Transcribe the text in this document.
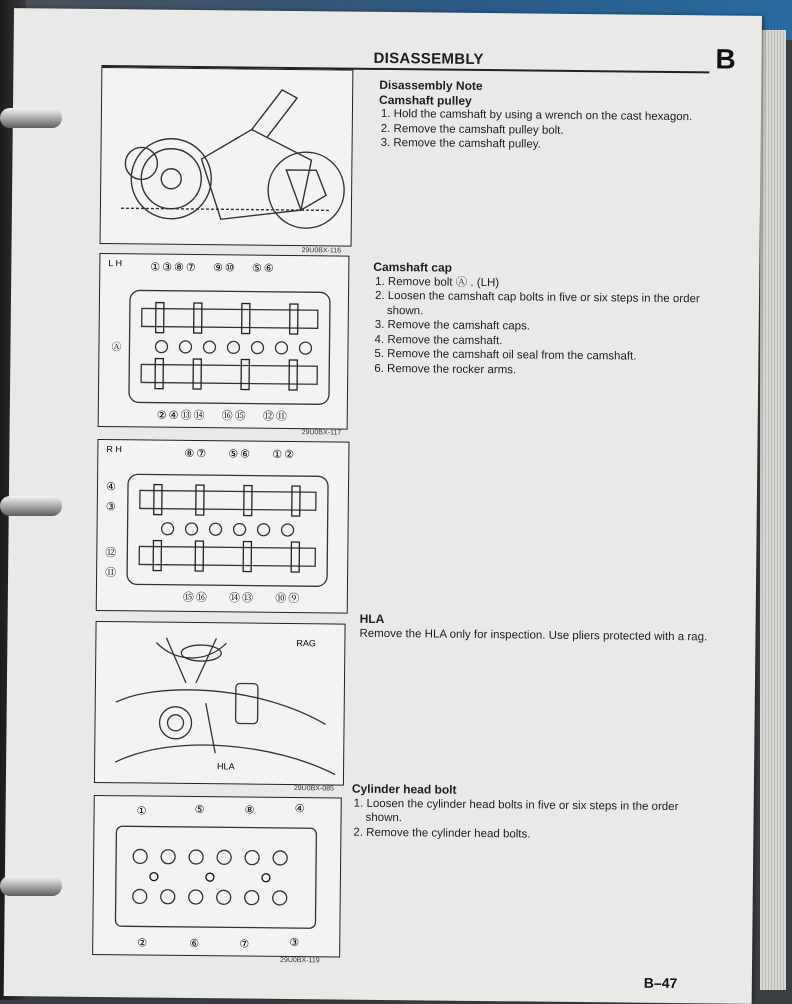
DISASSEMBLY	B
29U0BX-116
L H
Ⓐ
①③⑧⑦ ⑨⑩ ⑤⑥
②④⑬⑭ ⑯⑮ ⑫⑪
29U0BX-117
R H	⑧⑦ ⑤⑥ ①②
④
③
⑫
⑪
⑮⑯ ⑭⑬ ⑩⑨
RAG
HLA
29U0BX-085
①	⑤	⑧	④
②	⑥	⑦	③
29U0BX-119
Disassembly Note
Camshaft pulley
1. Hold the camshaft by using a wrench on the cast hexagon.
2. Remove the camshaft pulley bolt.
3. Remove the camshaft pulley.
Camshaft cap
1. Remove bolt Ⓐ . (LH)
2. Loosen the camshaft cap bolts in five or six steps in the order shown.
3. Remove the camshaft caps.
4. Remove the camshaft.
5. Remove the camshaft oil seal from the camshaft.
6. Remove the rocker arms.
HLA

Remove the HLA only for inspection. Use pliers protected with a rag.

Cylinder head bolt
1. Loosen the cylinder head bolts in five or six steps in the order shown.
2. Remove the cylinder head bolts.
B–47
